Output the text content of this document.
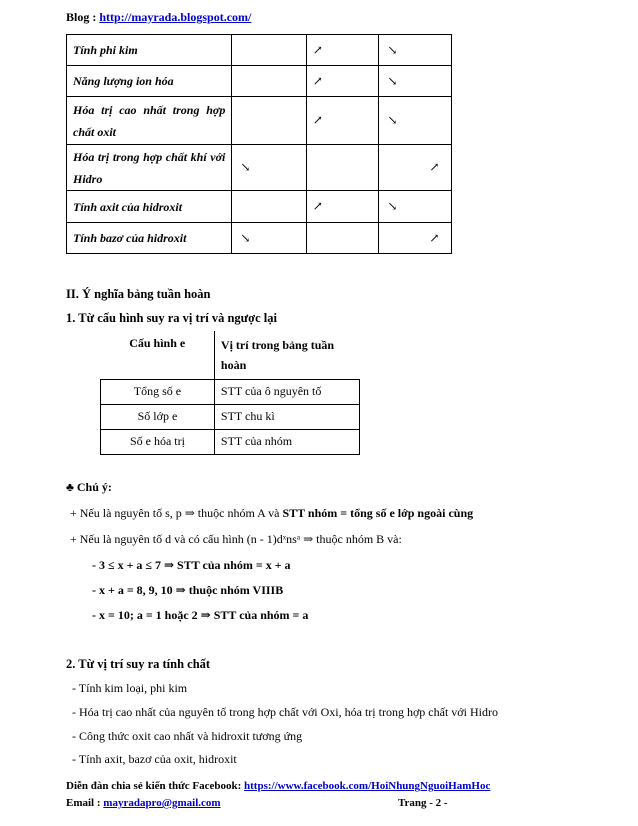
Blog : http://mayrada.blogspot.com/
Tính phi kim		↗	↘

Năng lượng ion hóa		↗	↘

Hóa trị cao nhất trong hợp chất oxit		↗	↘

Hóa trị trong hợp chất khí với Hidro	↘		↗

Tính axit của hidroxit		↗	↘

Tính bazơ của hidroxit	↘		↗
II. Ý nghĩa bảng tuần hoàn
1. Từ cấu hình suy ra vị trí và ngược lại
Cấu hình e	Vị trí trong bảng tuần hoàn
Tổng số e	STT của ô nguyên tố
Số lớp e	STT chu kì
Số e hóa trị	STT của nhóm
♣ Chú ý:
+ Nếu là nguyên tố s, p ⇒ thuộc nhóm A và STT nhóm = tổng số e lớp ngoài cùng
+ Nếu là nguyên tố d và có cấu hình (n - 1)dˣnsᵃ ⇒ thuộc nhóm B và:
- 3 ≤ x + a ≤ 7 ⇒ STT của nhóm = x + a
- x + a = 8, 9, 10 ⇒ thuộc nhóm VIIIB
- x = 10; a = 1 hoặc 2 ⇒ STT của nhóm = a
2. Từ vị trí suy ra tính chất
- Tính kim loại, phi kim
- Hóa trị cao nhất của nguyên tố trong hợp chất với Oxi, hóa trị trong hợp chất với Hidro
- Công thức oxit cao nhất và hidroxit tương ứng
- Tính axit, bazơ của oxit, hidroxit
Diễn đàn chia sẻ kiến thức Facebook: https://www.facebook.com/HoiNhungNguoiHamHoc
Email : mayradapro@gmail.com	Trang - 2 -
